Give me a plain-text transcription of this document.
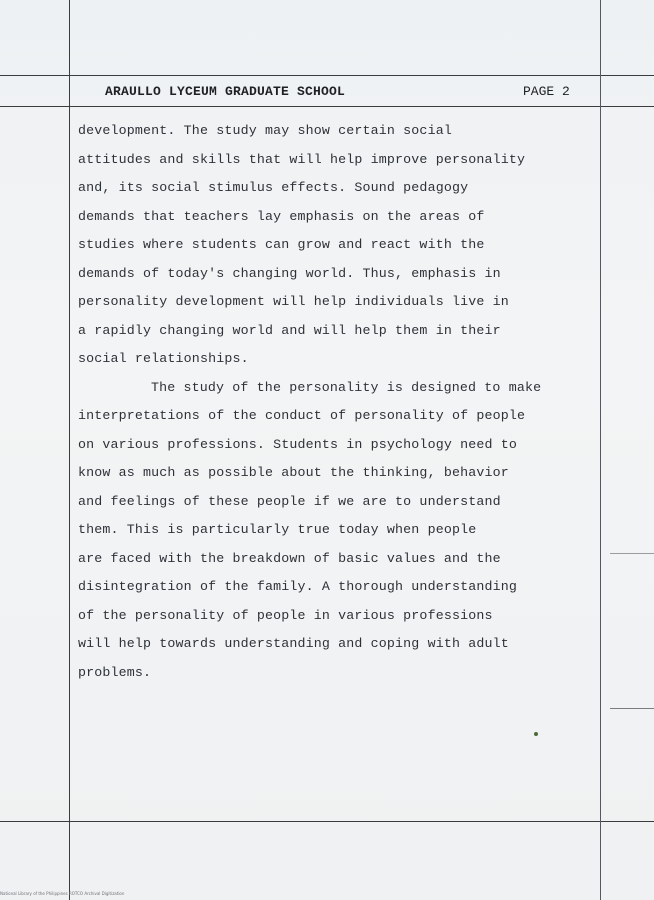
ARAULLO LYCEUM GRADUATE SCHOOL	PAGE 2
development. The study may show certain social
attitudes and skills that will help improve personality
and, its social stimulus effects. Sound pedagogy
demands that teachers lay emphasis on the areas of
studies where students can grow and react with the
demands of today's changing world. Thus, emphasis in
personality development will help individuals live in
a rapidly changing world and will help them in their
social relationships.
The study of the personality is designed to make
interpretations of the conduct of personality of people
on various professions. Students in psychology need to
know as much as possible about the thinking, behavior
and feelings of these people if we are to understand
them. This is particularly true today when people
are faced with the breakdown of basic values and the
disintegration of the family. A thorough understanding
of the personality of people in various professions
will help towards understanding and coping with adult
problems.
National Library of the Philippines ROTCO Archival Digitization
